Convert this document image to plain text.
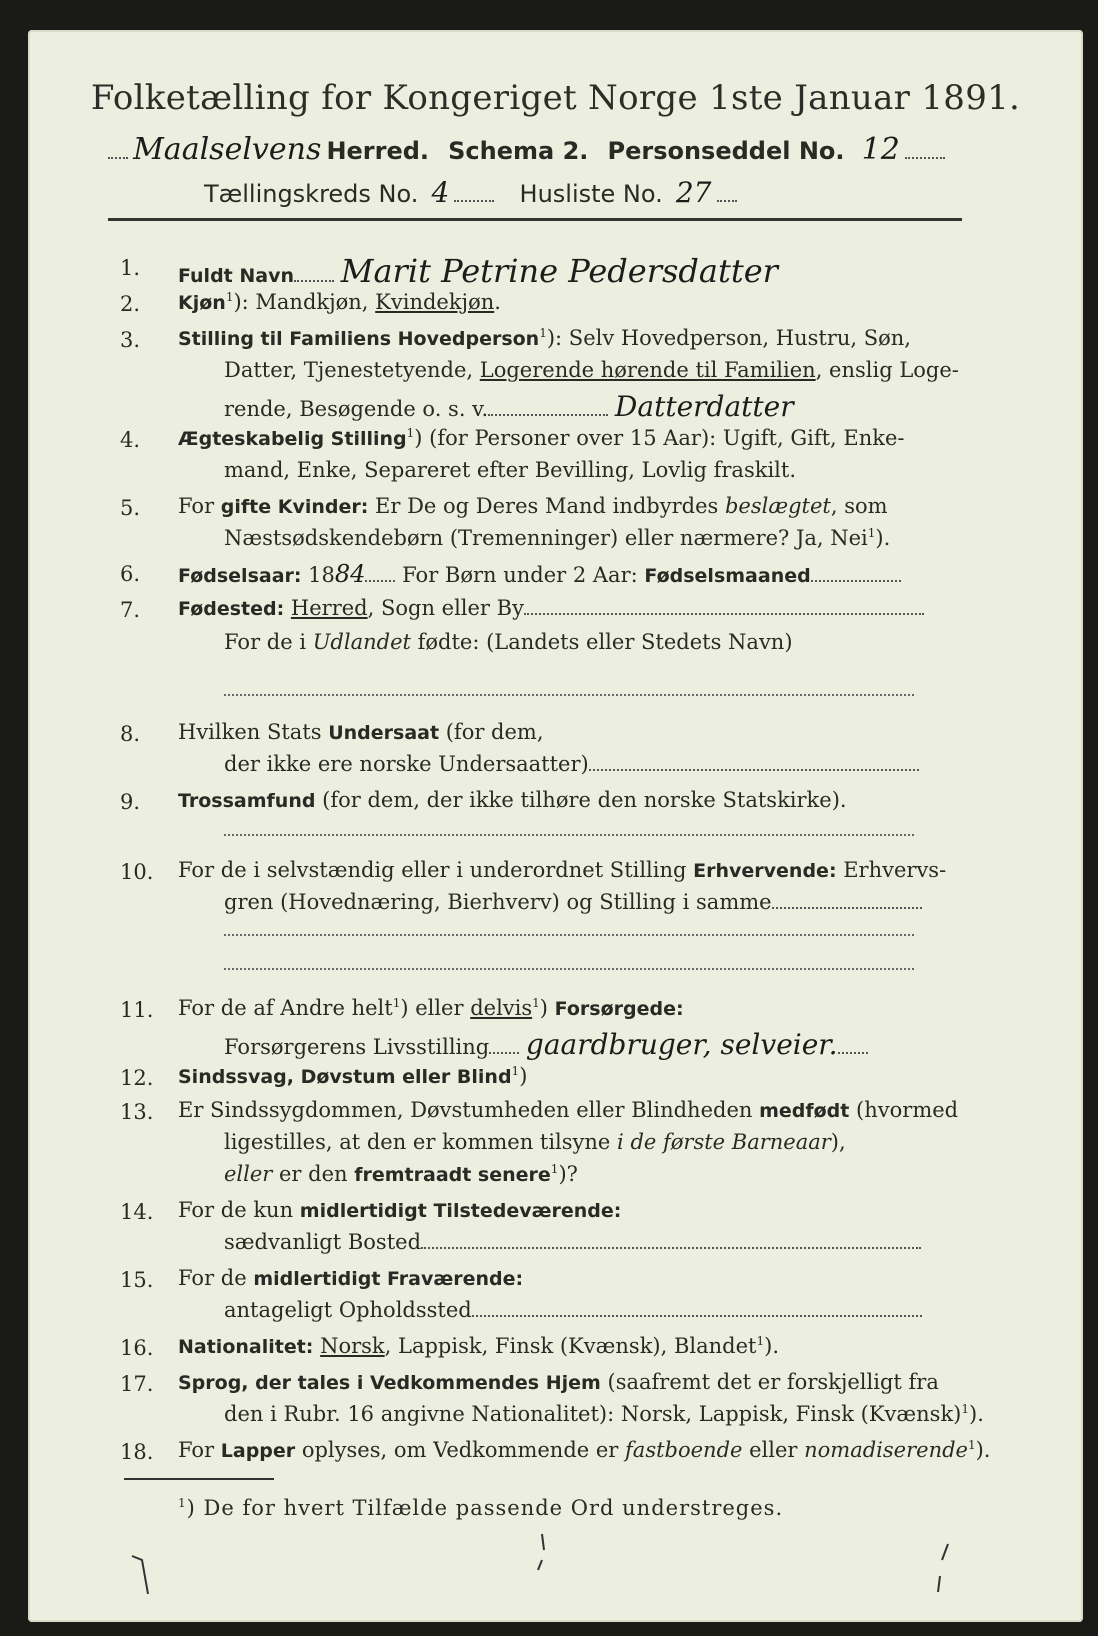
Folketælling for Kongeriget Norge 1ste Januar 1891.
Maalselvens Herred. Schema 2. Personseddel No. 12
Tællingskreds No. 4	Husliste No. 27
1.	Fuldt Navn Marit Petrine Pedersdatter
2.	Kjøn$^1$): Mandkjøn, Kvindekjøn.
3.	Stilling til Familiens Hovedperson$^1$): Selv Hovedperson, Hustru, Søn,
Datter, Tjenestetyende, Logerende hørende til Familien, enslig Loge-
rende, Besøgende o. s. v.	Datterdatter
4.	Ægteskabelig Stilling$^1$) (for Personer over 15 Aar): Ugift, Gift, Enke-
mand, Enke, Separeret efter Bevilling, Lovlig fraskilt.
5.	For gifte Kvinder: Er De og Deres Mand indbyrdes beslægtet, som
Næstsødskendebørn (Tremenninger) eller nærmere? Ja, Nei$^1$).
6.	Fødselsaar: 1884 For Børn under 2 Aar: Fødselsmaaned
7.	Fødested: Herred, Sogn eller By
For de i Udlandet fødte: (Landets eller Stedets Navn)
8.	Hvilken Stats Undersaat (for dem,
der ikke ere norske Undersaatter)
9.	Trossamfund (for dem, der ikke tilhøre den norske Statskirke).
10.	For de i selvstændig eller i underordnet Stilling Erhvervende: Erhvervs-
gren (Hovednæring, Bierhverv) og Stilling i samme
11.	For de af Andre helt$^1$) eller delvis$^1$) Forsørgede:
Forsørgerens Livsstilling gaardbruger, selveier.
12.	Sindssvag, Døvstum eller Blind$^1$)
13.	Er Sindssygdommen, Døvstumheden eller Blindheden medfødt (hvormed
ligestilles, at den er kommen tilsyne i de første Barneaar),
eller er den fremtraadt senere$^1$)?
14.	For de kun midlertidigt Tilstedeværende:
sædvanligt Bosted
15.	For de midlertidigt Fraværende:
antageligt Opholdssted
16.	Nationalitet: Norsk, Lappisk, Finsk (Kvænsk), Blandet$^1$).
17.	Sprog, der tales i Vedkommendes Hjem (saafremt det er forskjelligt fra
den i Rubr. 16 angivne Nationalitet): Norsk, Lappisk, Finsk (Kvænsk)$^1$).
18.	For Lapper oplyses, om Vedkommende er fastboende eller nomadiserende$^1$).
$^1$) De for hvert Tilfælde passende Ord understreges.
